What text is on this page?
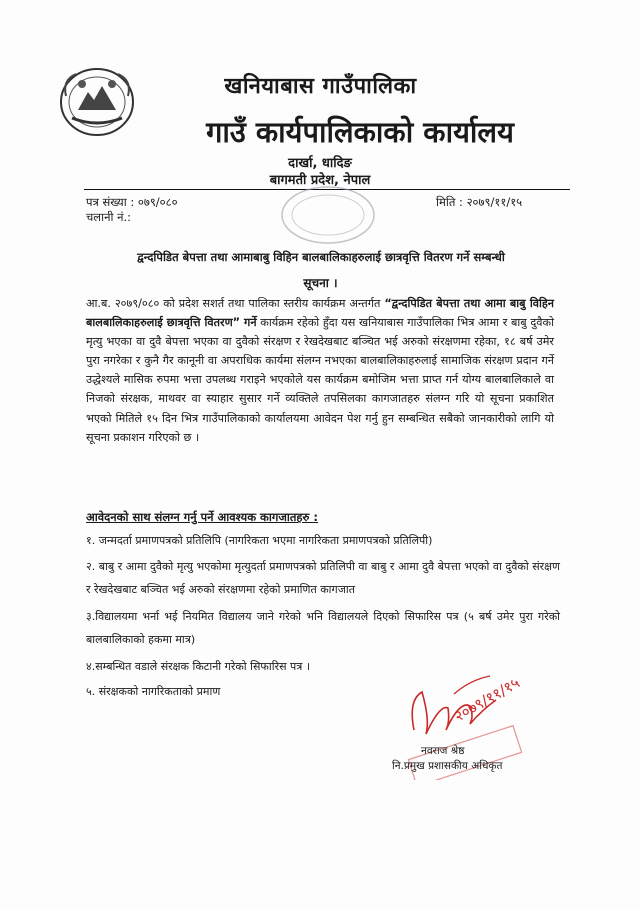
खनियाबास गाउँपालिका
गाउँ कार्यपालिकाको कार्यालय
दार्खा, धादिङ
बागमती प्रदेश, नेपाल
पत्र संख्या : ०७९/०८०
चलानी नं.:
मिति : २०७९/११/१५
द्वन्दपिडित बेपत्ता तथा आमाबाबु विहिन बालबालिकाहरुलाई छात्रवृत्ति वितरण गर्ने सम्बन्धी
सूचना ।
आ.ब. २०७९/०८० को प्रदेश सशर्त तथा पालिका स्तरीय कार्यक्रम अन्तर्गत “द्वन्दपिडित बेपत्ता तथा आमा बाबु विहिन बालबालिकाहरुलाई छात्रवृत्ति वितरण” गर्ने कार्यक्रम रहेको हुँदा यस खनियाबास गाउँपालिका भित्र आमा र बाबु दुवैको मृत्यु भएका वा दुवै बेपत्ता भएका वा दुवैको संरक्षण र रेखदेखबाट बञ्चित भई अरुको संरक्षणमा रहेका, १८ बर्ष उमेर पुरा नगरेका र कुनै गैर कानूनी वा अपराधिक कार्यमा संलग्न नभएका बालबालिकाहरुलाई सामाजिक संरक्षण प्रदान गर्ने उद्धेश्यले मासिक रुपमा भत्ता उपलब्ध गराइने भएकोले यस कार्यक्रम बमोजिम भत्ता प्राप्त गर्न योग्य बालबालिकाले वा निजको संरक्षक, माथवर वा स्याहार सुसार गर्ने व्यक्तिले तपसिलका कागजातहरु संलग्न गरि यो सूचना प्रकाशित भएको मितिले १५ दिन भित्र गाउँपालिकाको कार्यालयमा आवेदन पेश गर्नु हुन सम्बन्धित सबैको जानकारीको लागि यो सूचना प्रकाशन गरिएको छ ।
आवेदनको साथ संलग्न गर्नु पर्ने आवश्यक कागजातहरु :
१. जन्मदर्ता प्रमाणपत्रको प्रतिलिपि (नागरिकता भएमा नागरिकता प्रमाणपत्रको प्रतिलिपी)
२. बाबु र आमा दुवैको मृत्यु भएकोमा मृत्युदर्ता प्रमाणपत्रको प्रतिलिपी वा बाबु र आमा दुवै बेपत्ता भएको वा दुवैको संरक्षण र रेखदेखबाट बञ्चित भई अरुको संरक्षणमा रहेको प्रमाणित कागजात
३.विद्यालयमा भर्ना भई नियमित विद्यालय जाने गरेको भनि विद्यालयले दिएको सिफारिस पत्र (५ बर्ष उमेर पुरा गरेको बालबालिकाको हकमा मात्र)
४.सम्बन्धित वडाले संरक्षक किटानी गरेको सिफारिस पत्र ।
५. संरक्षकको नागरिकताको प्रमाण	२०७९/११/१५
नवराज श्रेष्ठ
नि.प्रमुख प्रशासकीय अधिकृत
